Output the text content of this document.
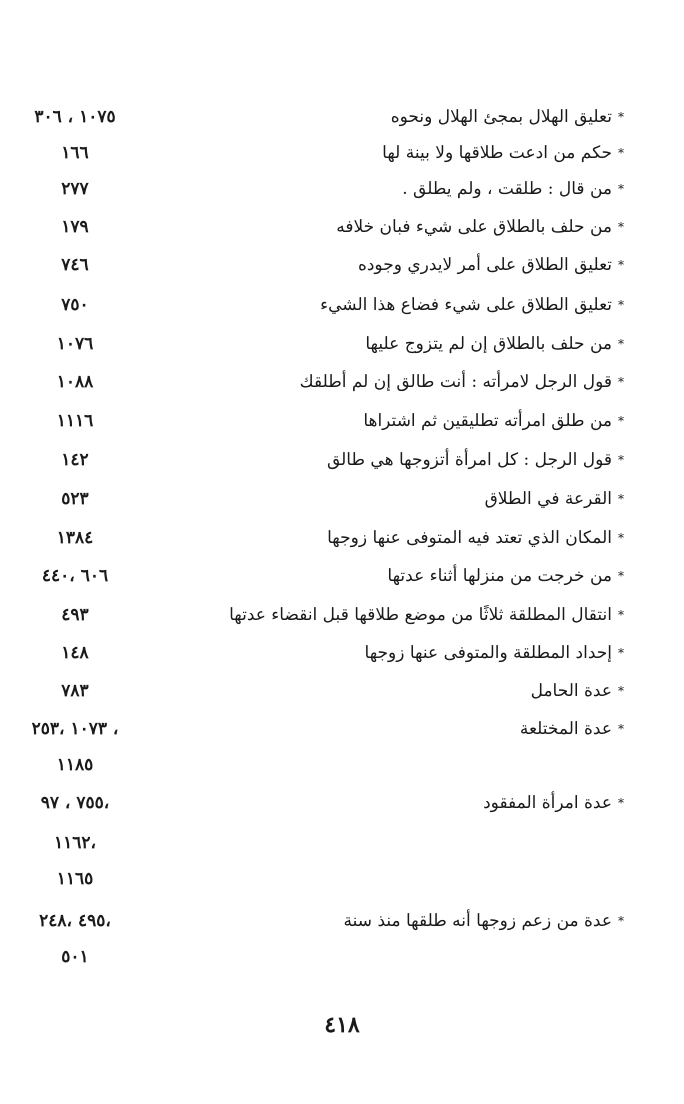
*تعليق الهلال بمجئ الهلال ونحوه
١٠٧٥ ، ٣٠٦
*حكم من ادعت طلاقها ولا بينة لها
١٦٦
*من قال : طلقت ، ولم يطلق .
٢٧٧
*من حلف بالطلاق على شيء فبان خلافه
١٧٩
*تعليق الطلاق على أمر لايدري وجوده
٧٤٦
*تعليق الطلاق على شيء فضاع هذا الشيء
٧٥٠
*من حلف بالطلاق إن لم يتزوج عليها
١٠٧٦
*قول الرجل لامرأته : أنت طالق إن لم أطلقك
١٠٨٨
*من طلق امرأته تطليقين ثم اشتراها
١١١٦
*قول الرجل : كل امرأة أتزوجها هي طالق
١٤٢
*القرعة في الطلاق
٥٢٣
*المكان الذي تعتد فيه المتوفى عنها زوجها
١٣٨٤
*من خرجت من منزلها أثناء عدتها
٦٠٦ ،٤٤٠
*انتقال المطلقة ثلاثًا من موضع طلاقها قبل انقضاء عدتها
٤٩٣
*إحداد المطلقة والمتوفى عنها زوجها
١٤٨
*عدة الحامل
٧٨٣
*عدة المختلعة
، ١٠٧٣ ،٢٥٣
١١٨٥
*عدة امرأة المفقود
،٧٥٥ ، ٩٧
،١١٦٢
١١٦٥
*عدة من زعم زوجها أنه طلقها منذ سنة
،٤٩٥ ،٢٤٨
٥٠١
٤١٨
